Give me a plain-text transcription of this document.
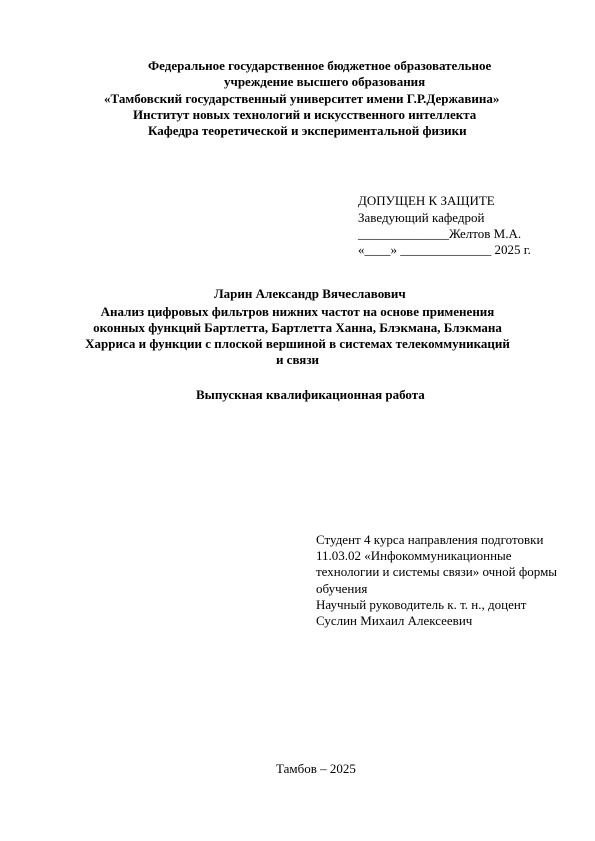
Федеральное государственное бюджетное образовательное
учреждение высшего образования
«Тамбовский государственный университет имени Г.Р.Державина»
Институт новых технологий и искусственного интеллекта
Кафедра теоретической и экспериментальной физики
ДОПУЩЕН К ЗАЩИТЕ
Заведующий кафедрой
______________Желтов М.А.
«____» ______________ 2025 г.
Ларин Александр Вячеславович
Анализ цифровых фильтров нижних частот на основе применения
оконных функций Бартлетта, Бартлетта Ханна, Блэкмана, Блэкмана
Харриса и функции с плоской вершиной в системах телекоммуникаций
и связи
Выпускная квалификационная работа
Студент 4 курса направления подготовки
11.03.02 «Инфокоммуникационные
технологии и системы связи» очной формы
обучения
Научный руководитель к. т. н., доцент
Суслин Михаил Алексеевич
Тамбов – 2025
